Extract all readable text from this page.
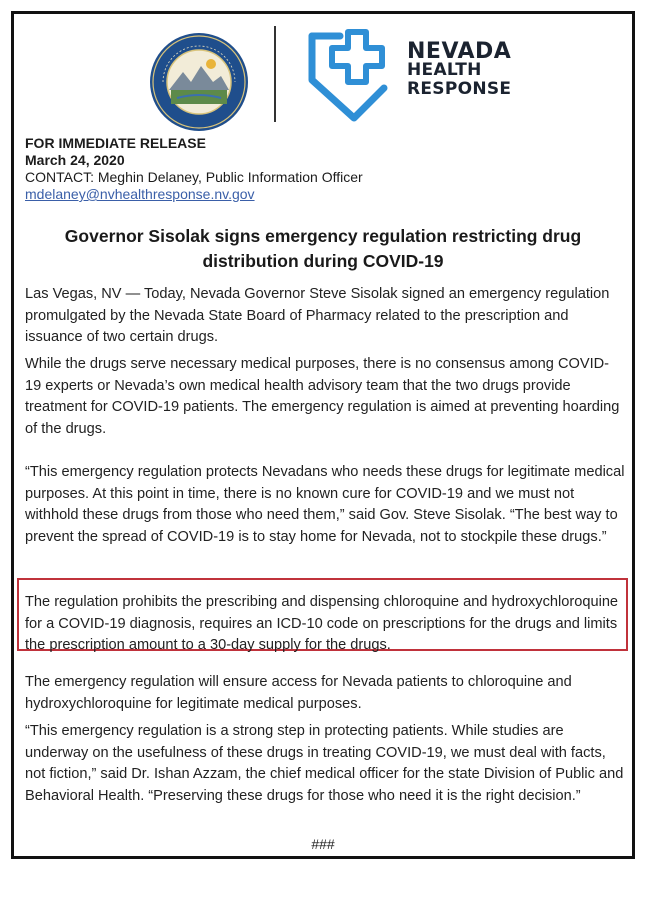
NEVADA
HEALTH
RESPONSE
FOR IMMEDIATE RELEASE
March 24, 2020
CONTACT: Meghin Delaney, Public Information Officer
mdelaney@nvhealthresponse.nv.gov
Governor Sisolak signs emergency regulation restricting drug distribution during COVID-19
Las Vegas, NV — Today, Nevada Governor Steve Sisolak signed an emergency regulation promulgated by the Nevada State Board of Pharmacy related to the prescription and issuance of two certain drugs.
While the drugs serve necessary medical purposes, there is no consensus among COVID-19 experts or Nevada’s own medical health advisory team that the two drugs provide treatment for COVID-19 patients. The emergency regulation is aimed at preventing hoarding of the drugs.
“This emergency regulation protects Nevadans who needs these drugs for legitimate medical purposes. At this point in time, there is no known cure for COVID-19 and we must not withhold these drugs from those who need them,” said Gov. Steve Sisolak. “The best way to prevent the spread of COVID-19 is to stay home for Nevada, not to stockpile these drugs.”
The regulation prohibits the prescribing and dispensing chloroquine and hydroxychloroquine for a COVID-19 diagnosis, requires an ICD-10 code on prescriptions for the drugs and limits the prescription amount to a 30-day supply for the drugs.
The emergency regulation will ensure access for Nevada patients to chloroquine and hydroxychloroquine for legitimate medical purposes.
“This emergency regulation is a strong step in protecting patients. While studies are underway on the usefulness of these drugs in treating COVID-19, we must deal with facts, not fiction,” said Dr. Ishan Azzam, the chief medical officer for the state Division of Public and Behavioral Health. “Preserving these drugs for those who need it is the right decision.”
###
